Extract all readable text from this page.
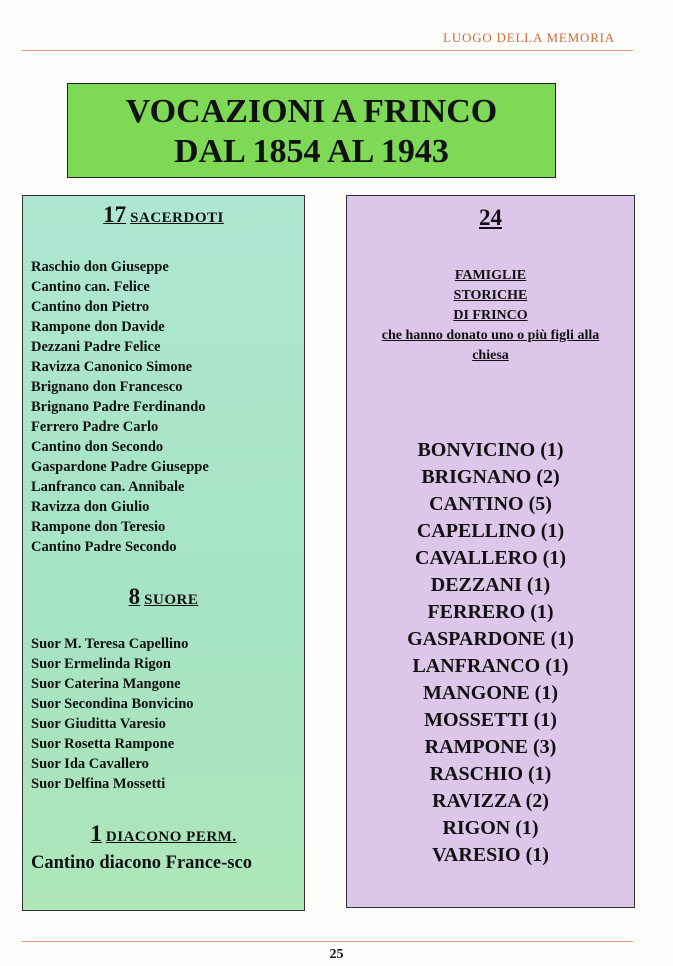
LUOGO DELLA MEMORIA
VOCAZIONI A FRINCO
DAL 1854 AL 1943
17 SACERDOTI
Raschio don Giuseppe
Cantino can. Felice
Cantino don Pietro
Rampone don Davide
Dezzani Padre Felice
Ravizza Canonico Simone
Brignano don Francesco
Brignano Padre Ferdinando
Ferrero Padre Carlo
Cantino don Secondo
Gaspardone Padre Giuseppe
Lanfranco can. Annibale
Ravizza don Giulio
Rampone don Teresio
Cantino Padre Secondo
8 SUORE
Suor M. Teresa Capellino
Suor Ermelinda Rigon
Suor Caterina Mangone
Suor Secondina Bonvicino
Suor Giuditta Varesio
Suor Rosetta Rampone
Suor Ida Cavallero
Suor Delfina Mossetti
1 DIACONO PERM.
Cantino diacono France-sco
24
FAMIGLIE
STORICHE
DI FRINCO
che hanno donato uno o più figli alla
chiesa
BONVICINO (1)
BRIGNANO (2)
CANTINO (5)
CAPELLINO (1)
CAVALLERO (1)
DEZZANI (1)
FERRERO (1)
GASPARDONE (1)
LANFRANCO (1)
MANGONE (1)
MOSSETTI (1)
RAMPONE (3)
RASCHIO (1)
RAVIZZA (2)
RIGON (1)
VARESIO (1)
25
